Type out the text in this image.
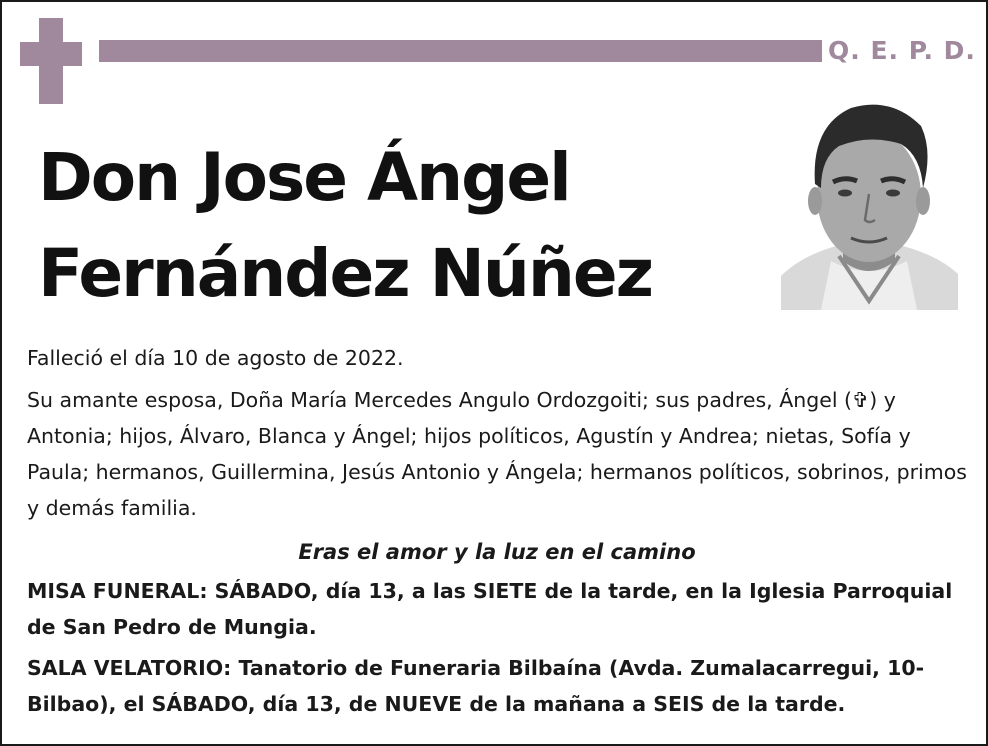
Q. E. P. D.
Don Jose Ángel
Fernández Núñez

Falleció el día 10 de agosto de 2022.

Su amante esposa, Doña María Mercedes Angulo Ordozgoiti; sus padres, Ángel (✞) y Antonia; hijos, Álvaro, Blanca y Ángel; hijos políticos, Agustín y Andrea; nietas, Sofía y Paula; hermanos, Guillermina, Jesús Antonio y Ángela; hermanos políticos, sobrinos, primos y demás familia.

Eras el amor y la luz en el camino

MISA FUNERAL: SÁBADO, día 13, a las SIETE de la tarde, en la Iglesia Parroquial de San Pedro de Mungia.

SALA VELATORIO: Tanatorio de Funeraria Bilbaína (Avda. Zumalacarregui, 10-Bilbao), el SÁBADO, día 13, de NUEVE de la mañana a SEIS de la tarde.
